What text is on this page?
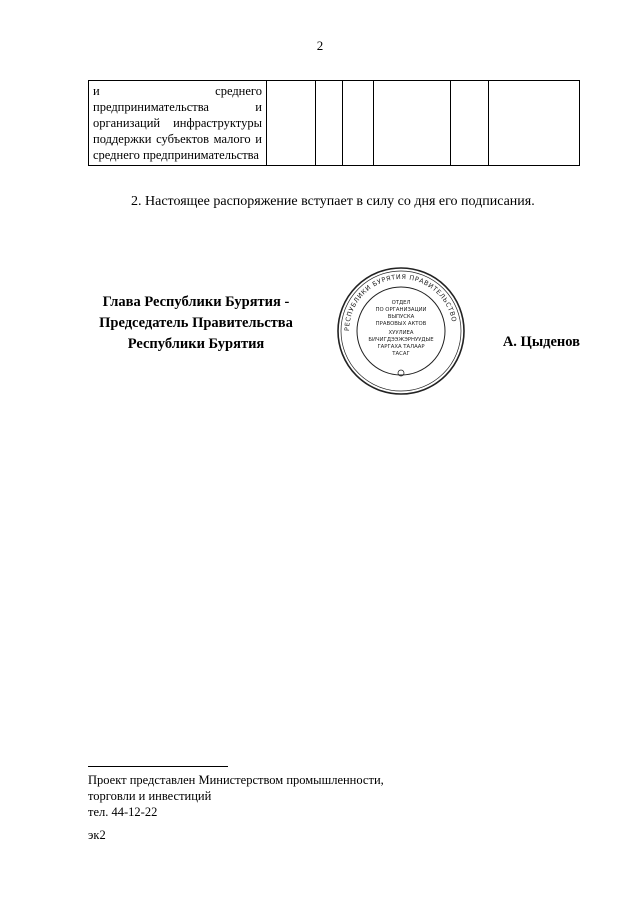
2
и среднего предпринимательства и организаций инфраструктуры поддержки субъектов малого и среднего предпринимательства						
2. Настоящее распоряжение вступает в силу со дня его подписания.
Глава Республики Бурятия -
Председатель Правительства
Республики Бурятия
РЕСПУБЛИКИ БУРЯТИЯ ПРАВИТЕЛЬСТВО
ОТДЕЛ
ПО ОРГАНИЗАЦИИ
ВЫПУСКА
ПРАВОВЫХ АКТОВ
ХУУЛИЕА
БИЧИГДЭЭЖЭРНУУДЫЕ
ГАРГАХА ТАЛААР
ТАСАГ
А. Цыденов
Проект представлен Министерством промышленности,
торговли и инвестиций
тел. 44-12-22
эк2
